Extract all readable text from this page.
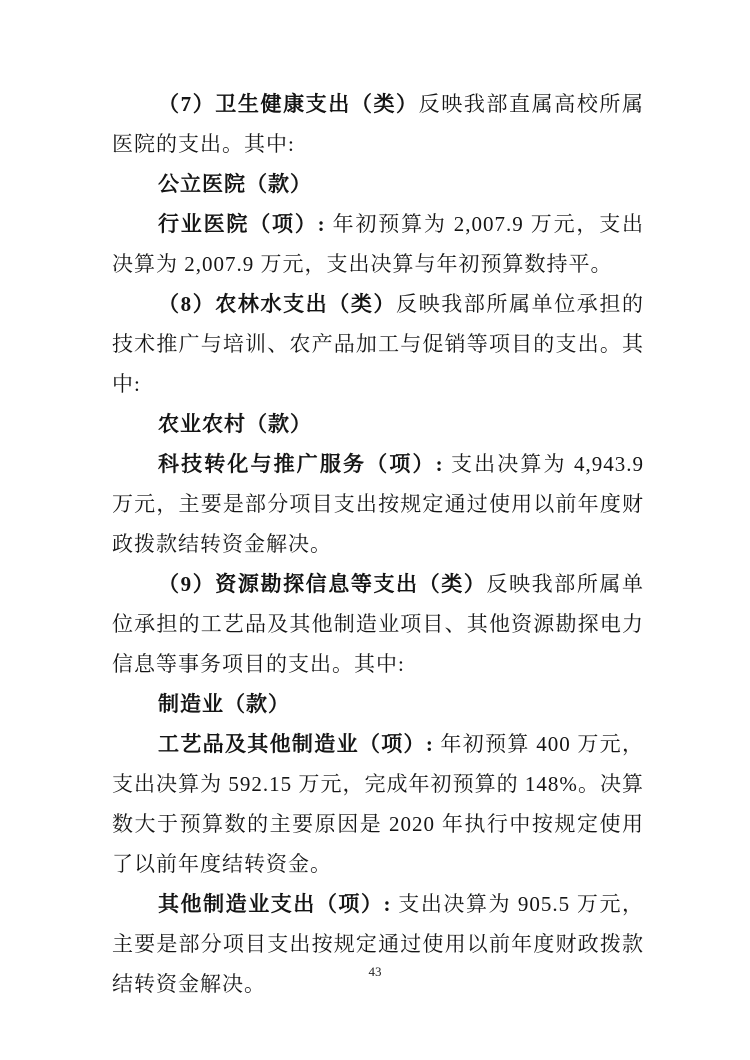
（7）卫生健康支出（类）反映我部直属高校所属医院的支出。其中:

公立医院（款）

行业医院（项）: 年初预算为 2,007.9 万元，支出决算为 2,007.9 万元，支出决算与年初预算数持平。

（8）农林水支出（类）反映我部所属单位承担的技术推广与培训、农产品加工与促销等项目的支出。其中:

农业农村（款）

科技转化与推广服务（项）: 支出决算为 4,943.9 万元，主要是部分项目支出按规定通过使用以前年度财政拨款结转资金解决。

（9）资源勘探信息等支出（类）反映我部所属单位承担的工艺品及其他制造业项目、其他资源勘探电力信息等事务项目的支出。其中:

制造业（款）

工艺品及其他制造业（项）: 年初预算 400 万元，支出决算为 592.15 万元，完成年初预算的 148%。决算数大于预算数的主要原因是 2020 年执行中按规定使用了以前年度结转资金。

其他制造业支出（项）: 支出决算为 905.5 万元，主要是部分项目支出按规定通过使用以前年度财政拨款结转资金解决。

43
